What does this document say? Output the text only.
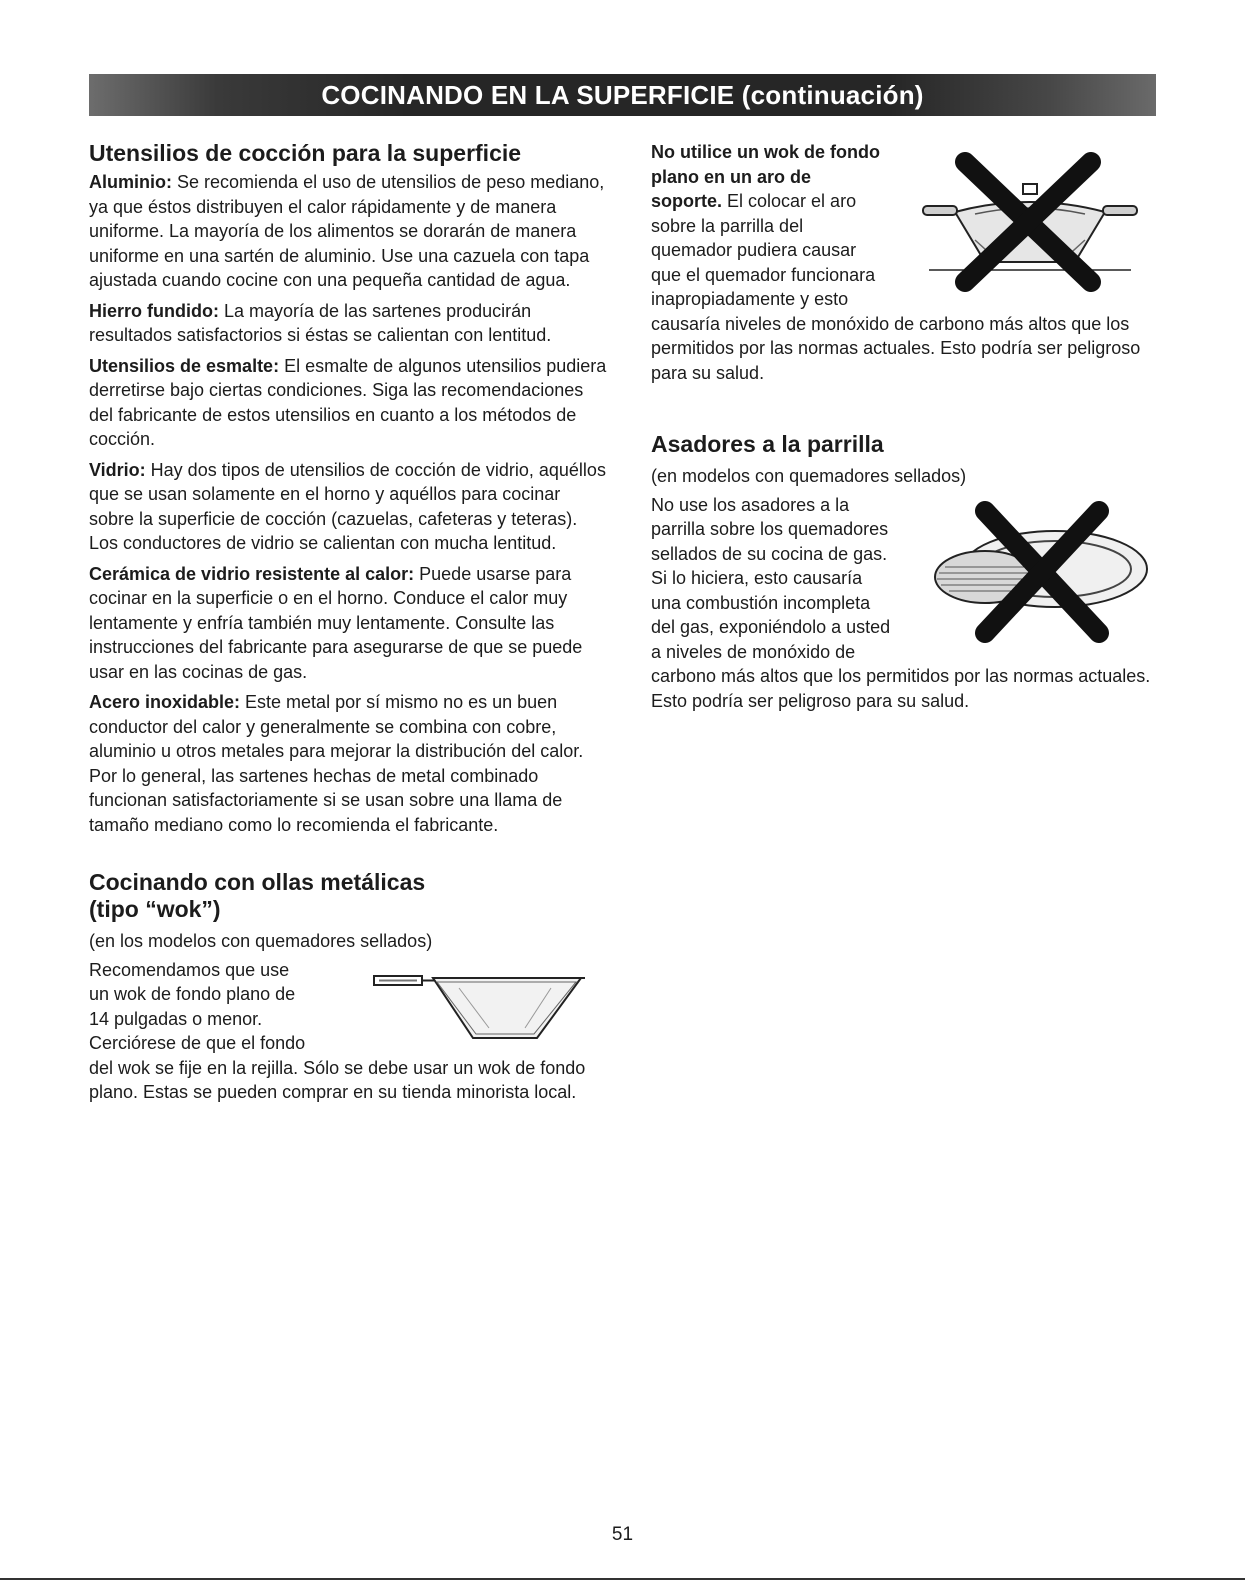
COCINANDO EN LA SUPERFICIE (continuación)
Utensilios de cocción para la superficie

Aluminio: Se recomienda el uso de utensilios de peso mediano, ya que éstos distribuyen el calor rápidamente y de manera uniforme. La mayoría de los alimentos se dorarán de manera uniforme en una sartén de aluminio. Use una cazuela con tapa ajustada cuando cocine con una pequeña cantidad de agua.

Hierro fundido: La mayoría de las sartenes producirán resultados satisfactorios si éstas se calientan con lentitud.

Utensilios de esmalte: El esmalte de algunos utensilios pudiera derretirse bajo ciertas condiciones. Siga las recomendaciones del fabricante de estos utensilios en cuanto a los métodos de cocción.

Vidrio: Hay dos tipos de utensilios de cocción de vidrio, aquéllos que se usan solamente en el horno y aquéllos para cocinar sobre la superficie de cocción (cazuelas, cafeteras y teteras). Los conductores de vidrio se calientan con mucha lentitud.

Cerámica de vidrio resistente al calor: Puede usarse para cocinar en la superficie o en el horno. Conduce el calor muy lentamente y enfría también muy lentamente. Consulte las instrucciones del fabricante para asegurarse de que se puede usar en las cocinas de gas.

Acero inoxidable: Este metal por sí mismo no es un buen conductor del calor y generalmente se combina con cobre, aluminio u otros metales para mejorar la distribución del calor. Por lo general, las sartenes hechas de metal combinado funcionan satisfactoriamente si se usan sobre una llama de tamaño mediano como lo recomienda el fabricante.

Cocinando con ollas metálicas
(tipo “wok”)

(en los modelos con quemadores sellados)

Recomendamos que use

un wok de fondo plano de

14 pulgadas o menor.

Cerciórese de que el fondo

del wok se fije en la rejilla. Sólo se debe usar un wok de fondo plano. Estas se pueden comprar en su tienda minorista local.

No utilice un wok de fondo

plano en un aro de

soporte. El colocar el aro

sobre la parrilla del

quemador pudiera causar

que el quemador funcionara

inapropiadamente y esto

causaría niveles de monóxido de carbono más altos que los permitidos por las normas actuales. Esto podría ser peligroso para su salud.

Asadores a la parrilla

(en modelos con quemadores sellados)

No use los asadores a la

parrilla sobre los quemadores

sellados de su cocina de gas.

Si lo hiciera, esto causaría

una combustión incompleta

del gas, exponiéndolo a usted

a niveles de monóxido de

carbono más altos que los permitidos por las normas actuales. Esto podría ser peligroso para su salud.

51
